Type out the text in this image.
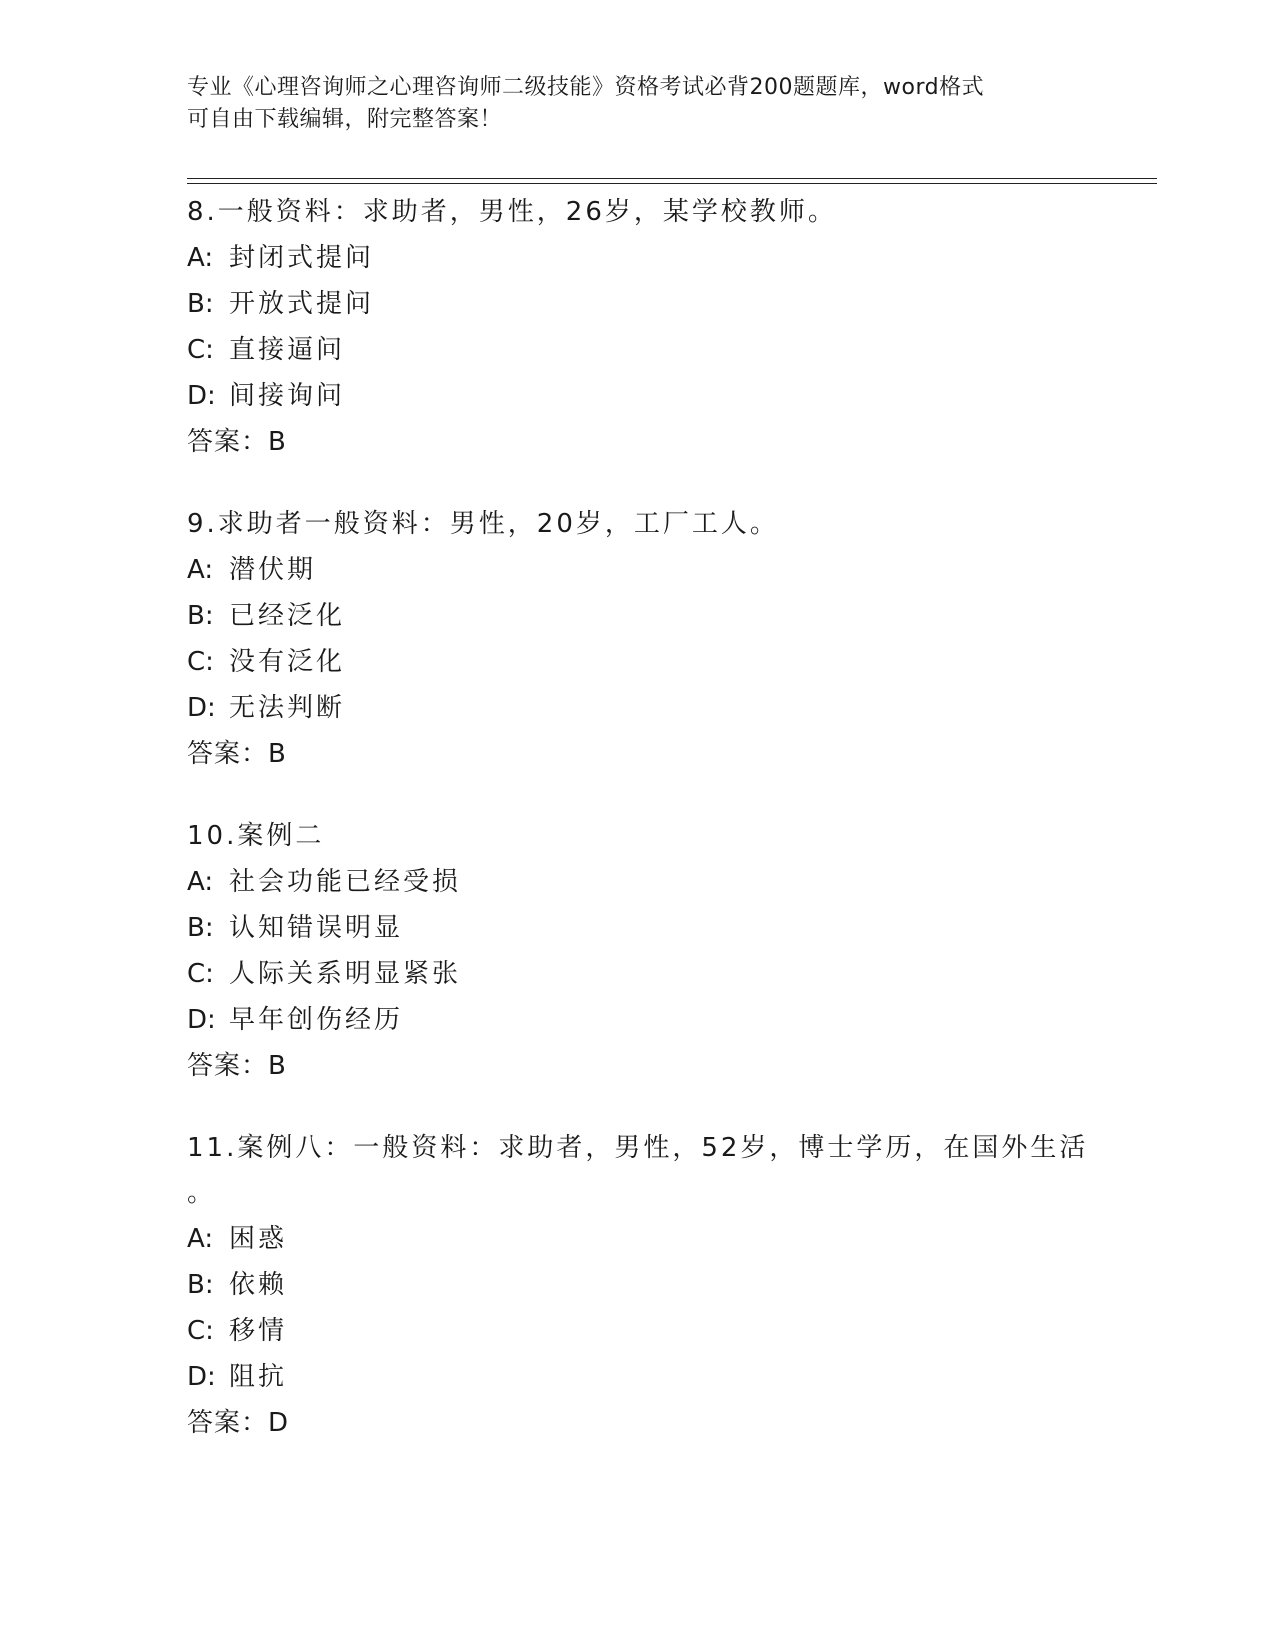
专业《心理咨询师之心理咨询师二级技能》资格考试必背200题题库，word格式
可自由下载编辑，附完整答案！
8.一般资料：求助者，男性，26岁，某学校教师。
A: 封闭式提问
B: 开放式提问
C: 直接逼问
D: 间接询问
答案：B
9.求助者一般资料：男性，20岁，工厂工人。
A: 潜伏期
B: 已经泛化
C: 没有泛化
D: 无法判断
答案：B
10.案例二
A: 社会功能已经受损
B: 认知错误明显
C: 人际关系明显紧张
D: 早年创伤经历
答案：B
11.案例八：一般资料：求助者，男性，52岁，博士学历，在国外生活
。
A: 困惑
B: 依赖
C: 移情
D: 阻抗
答案：D
